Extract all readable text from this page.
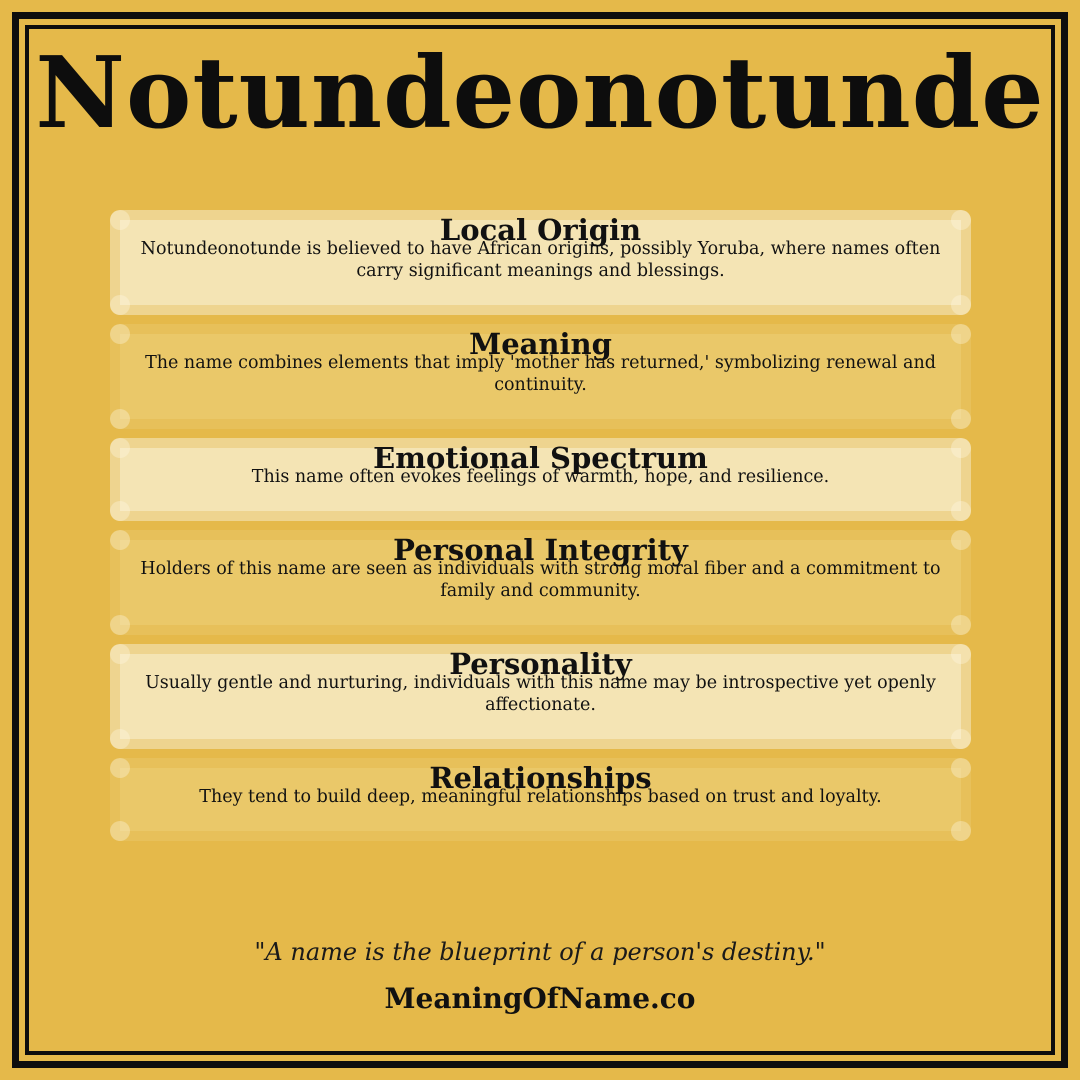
Notundeonotunde
Local Origin
Notundeonotunde is believed to have African origins, possibly Yoruba, where names often carry significant meanings and blessings.
Meaning
The name combines elements that imply 'mother has returned,' symbolizing renewal and continuity.
Emotional Spectrum
This name often evokes feelings of warmth, hope, and resilience.
Personal Integrity
Holders of this name are seen as individuals with strong moral fiber and a commitment to family and community.
Personality
Usually gentle and nurturing, individuals with this name may be introspective yet openly affectionate.
Relationships
They tend to build deep, meaningful relationships based on trust and loyalty.
"A name is the blueprint of a person's destiny."
MeaningOfName.co
